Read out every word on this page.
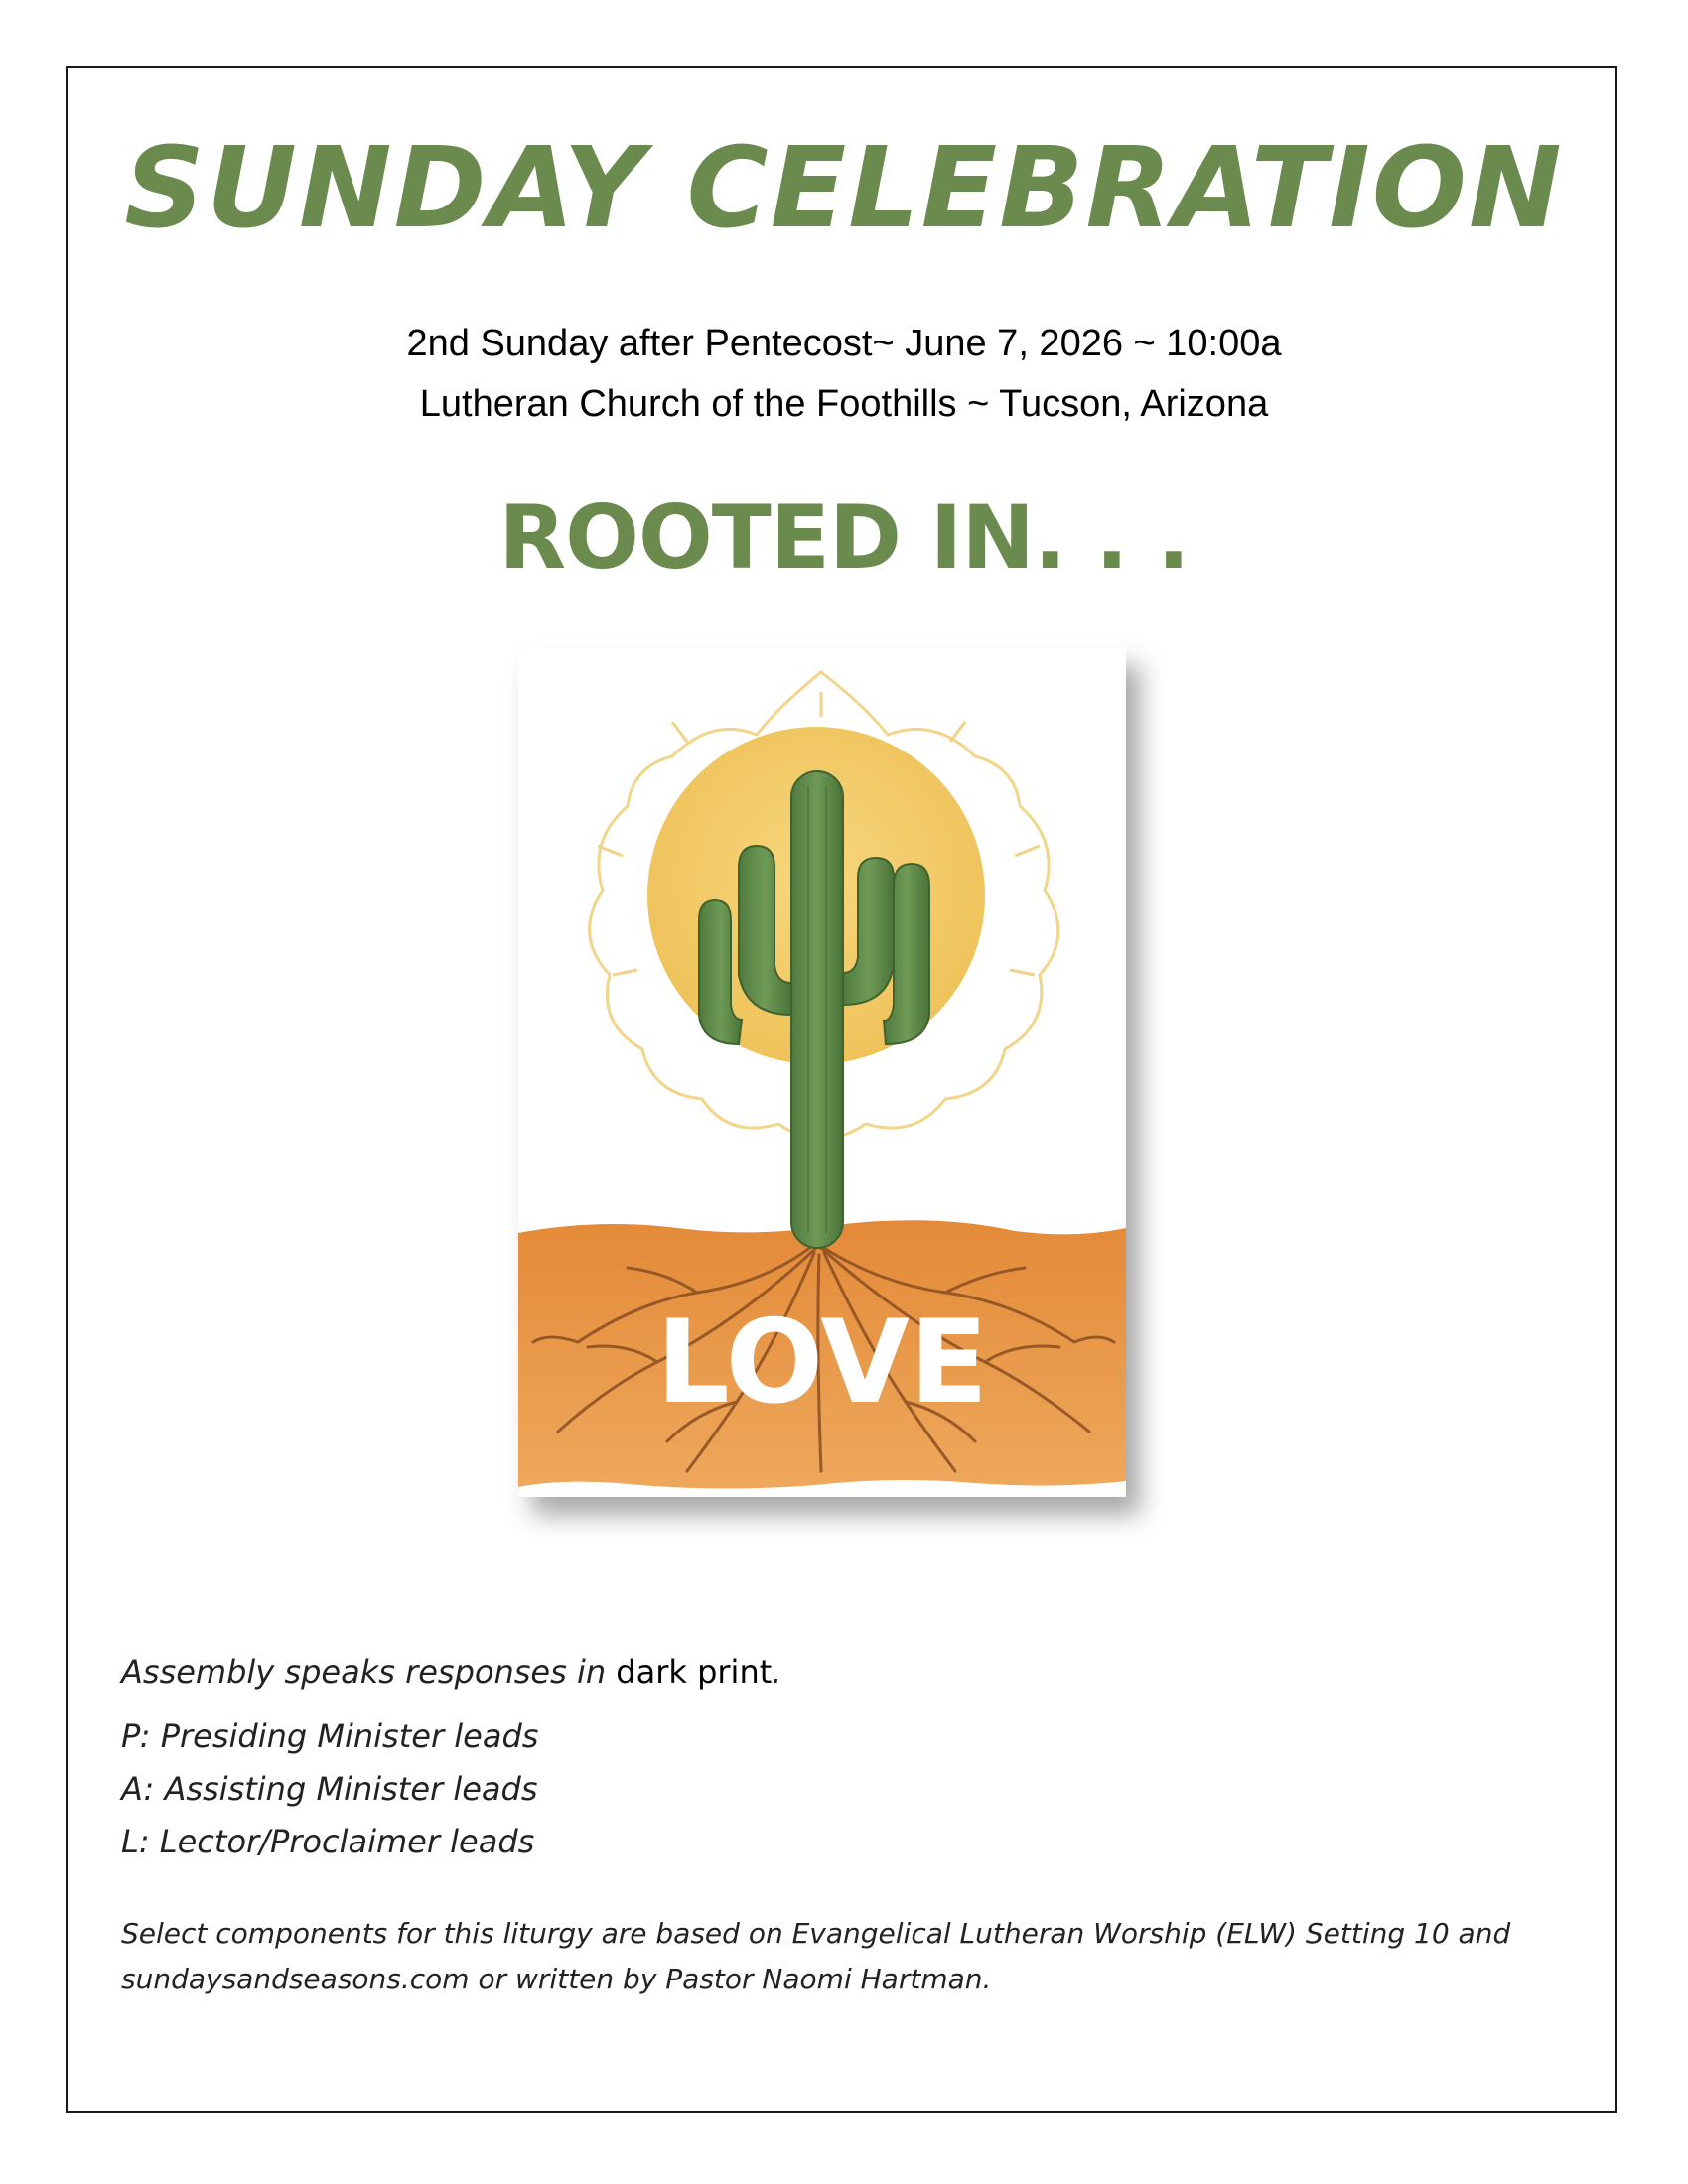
SUNDAY CELEBRATION
2nd Sunday after Pentecost~ June 7, 2026 ~ 10:00a
Lutheran Church of the Foothills ~ Tucson, Arizona
ROOTED IN. . .
LOVE
Assembly speaks responses in dark print.
P: Presiding Minister leads
A: Assisting Minister leads
L: Lector/Proclaimer leads
Select components for this liturgy are based on Evangelical Lutheran Worship (ELW) Setting 10 and sundaysandseasons.com or written by Pastor Naomi Hartman.
